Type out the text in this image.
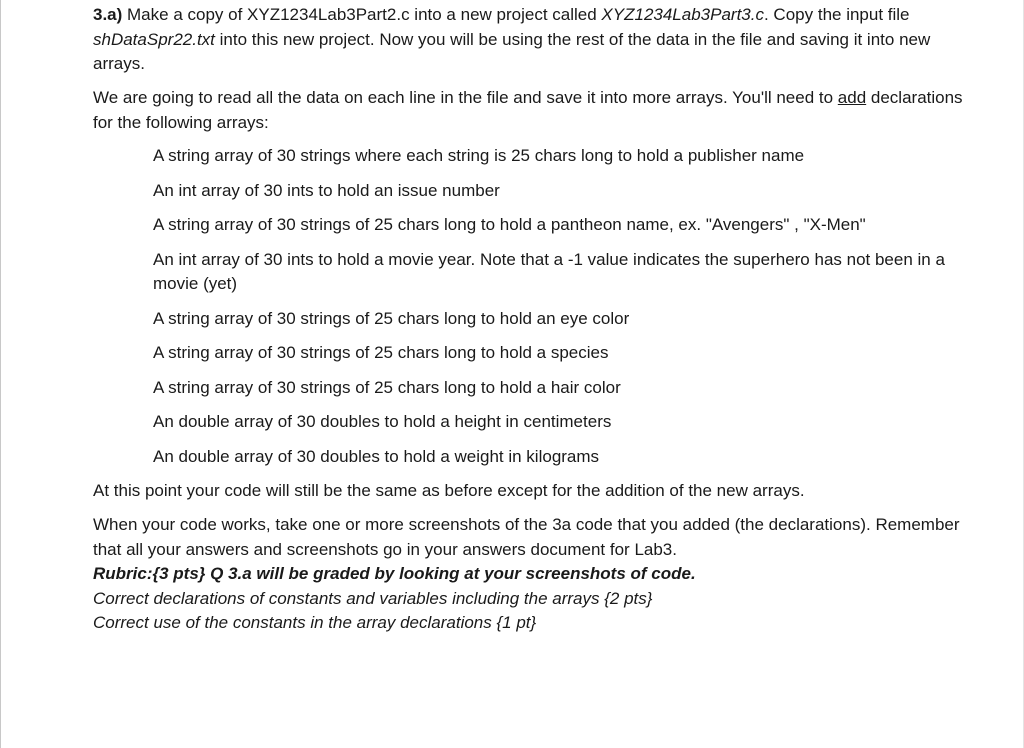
3.a) Make a copy of XYZ1234Lab3Part2.c into a new project called XYZ1234Lab3Part3.c. Copy the input file shDataSpr22.txt into this new project. Now you will be using the rest of the data in the file and saving it into new arrays.

We are going to read all the data on each line in the file and save it into more arrays. You'll need to add declarations for the following arrays:

A string array of 30 strings where each string is 25 chars long to hold a publisher name
An int array of 30 ints to hold an issue number
A string array of 30 strings of 25 chars long to hold a pantheon name, ex. "Avengers" , "X-Men"
An int array of 30 ints to hold a movie year. Note that a -1 value indicates the superhero has not been in a movie (yet)
A string array of 30 strings of 25 chars long to hold an eye color
A string array of 30 strings of 25 chars long to hold a species
A string array of 30 strings of 25 chars long to hold a hair color
An double array of 30 doubles to hold a height in centimeters
An double array of 30 doubles to hold a weight in kilograms

At this point your code will still be the same as before except for the addition of the new arrays.

When your code works, take one or more screenshots of the 3a code that you added (the declarations). Remember that all your answers and screenshots go in your answers document for Lab3.
Rubric:{3 pts} Q 3.a will be graded by looking at your screenshots of code.
Correct declarations of constants and variables including the arrays {2 pts}
Correct use of the constants in the array declarations {1 pt}
